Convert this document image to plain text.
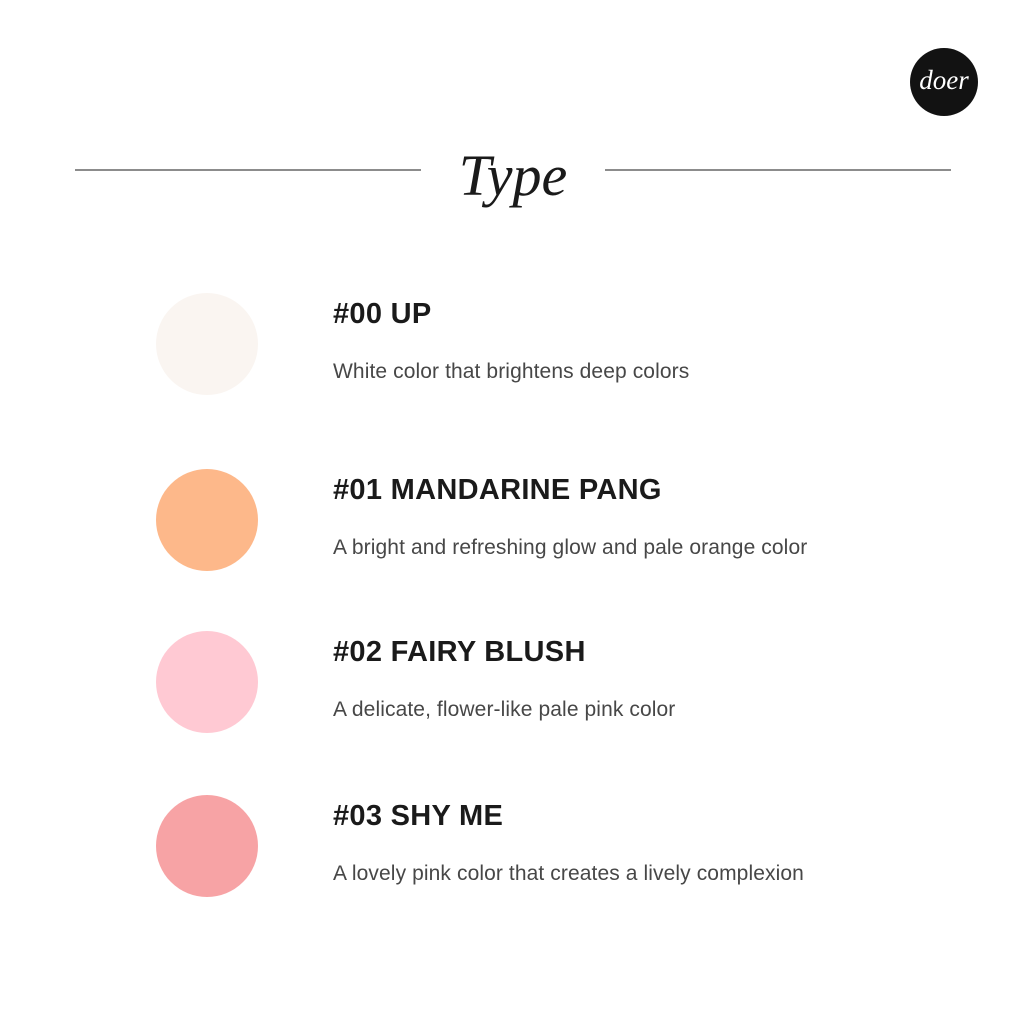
doer
Type
#00 UP
White color that brightens deep colors
#01 MANDARINE PANG
A bright and refreshing glow and pale orange color
#02 FAIRY BLUSH
A delicate, flower-like pale pink color
#03 SHY ME
A lovely pink color that creates a lively complexion
